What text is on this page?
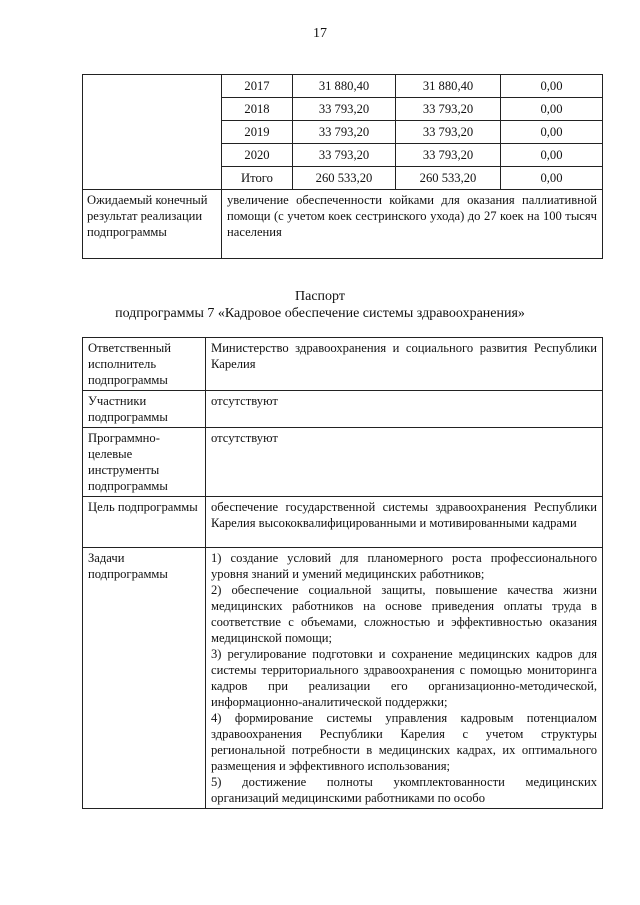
17
	2017	31 880,40	31 880,40	0,00
	2018	33 793,20	33 793,20	0,00
	2019	33 793,20	33 793,20	0,00
	2020	33 793,20	33 793,20	0,00
	Итого	260 533,20	260 533,20	0,00
Ожидаемый конечный результат реализации подпрограммы	увеличение обеспеченности койками для оказания паллиативной помощи (с учетом коек сестринского ухода) до 27 коек на 100 тысяч населения			
Паспорт
подпрограммы 7 «Кадровое обеспечение системы здравоохранения»
Ответственный исполнитель подпрограммы	Министерство здравоохранения и социального развития Республики Карелия
Участники подпрограммы	отсутствуют
Программно-целевые инструменты подпрограммы	отсутствуют
Цель подпрограммы	обеспечение государственной системы здравоохранения Республики Карелия высококвалифицированными и мотивированными кадрами
Задачи подпрограммы	1) создание условий для планомерного роста профессионального уровня знаний и умений медицинских работников;
2) обеспечение социальной защиты, повышение качества жизни медицинских работников на основе приведения оплаты труда в соответствие с объемами, сложностью и эффективностью оказания медицинской помощи;
3) регулирование подготовки и сохранение медицинских кадров для системы территориального здравоохранения с помощью мониторинга кадров при реализации его организационно-методической, информационно-аналитической поддержки;
4) формирование системы управления кадровым потенциалом здравоохранения Республики Карелия с учетом структуры региональной потребности в медицинских кадрах, их оптимального размещения и эффективного использования;
5) достижение полноты укомплектованности медицинских организаций медицинскими работниками по особо
